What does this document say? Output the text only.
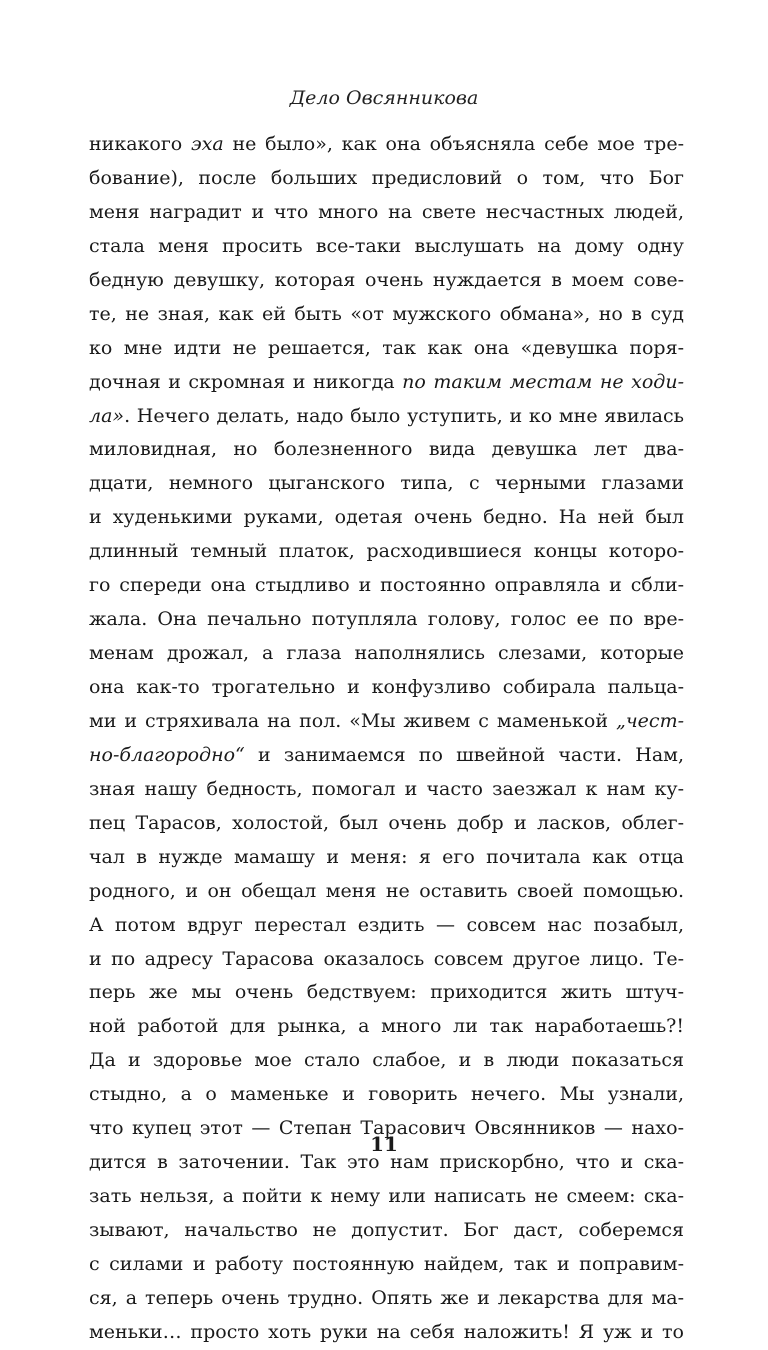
Дело Овсянникова
никакого эха не было», как она объясняла себе мое тре-
бование), после больших предисловий о том, что Бог
меня наградит и что много на свете несчастных людей,
стала меня просить все-таки выслушать на дому одну
бедную девушку, которая очень нуждается в моем сове-
те, не зная, как ей быть «от мужского обмана», но в суд
ко мне идти не решается, так как она «девушка поря-
дочная и скромная и никогда по таким местам не ходи-
ла». Нечего делать, надо было уступить, и ко мне явилась
миловидная, но болезненного вида девушка лет два-
дцати, немного цыганского типа, с черными глазами
и худенькими руками, одетая очень бедно. На ней был
длинный темный платок, расходившиеся концы которо-
го спереди она стыдливо и постоянно оправляла и сбли-
жала. Она печально потупляла голову, голос ее по вре-
менам дрожал, а глаза наполнялись слезами, которые
она как-то трогательно и конфузливо собирала пальца-
ми и стряхивала на пол. «Мы живем с маменькой „чест-
но-благородно“ и занимаемся по швейной части. Нам,
зная нашу бедность, помогал и часто заезжал к нам ку-
пец Тарасов, холостой, был очень добр и ласков, облег-
чал в нужде мамашу и меня: я его почитала как отца
родного, и он обещал меня не оставить своей помощью.
А потом вдруг перестал ездить — совсем нас позабыл,
и по адресу Тарасова оказалось совсем другое лицо. Те-
перь же мы очень бедствуем: приходится жить штуч-
ной работой для рынка, а много ли так наработаешь?!
Да и здоровье мое стало слабое, и в люди показаться
стыдно, а о маменьке и говорить нечего. Мы узнали,
что купец этот — Степан Тарасович Овсянников — нахо-
дится в заточении. Так это нам прискорбно, что и ска-
зать нельзя, а пойти к нему или написать не смеем: ска-
зывают, начальство не допустит. Бог даст, соберемся
с силами и работу постоянную найдем, так и поправим-
ся, а теперь очень трудно. Опять же и лекарства для ма-
меньки… просто хоть руки на себя наложить! Я уж и то
11
